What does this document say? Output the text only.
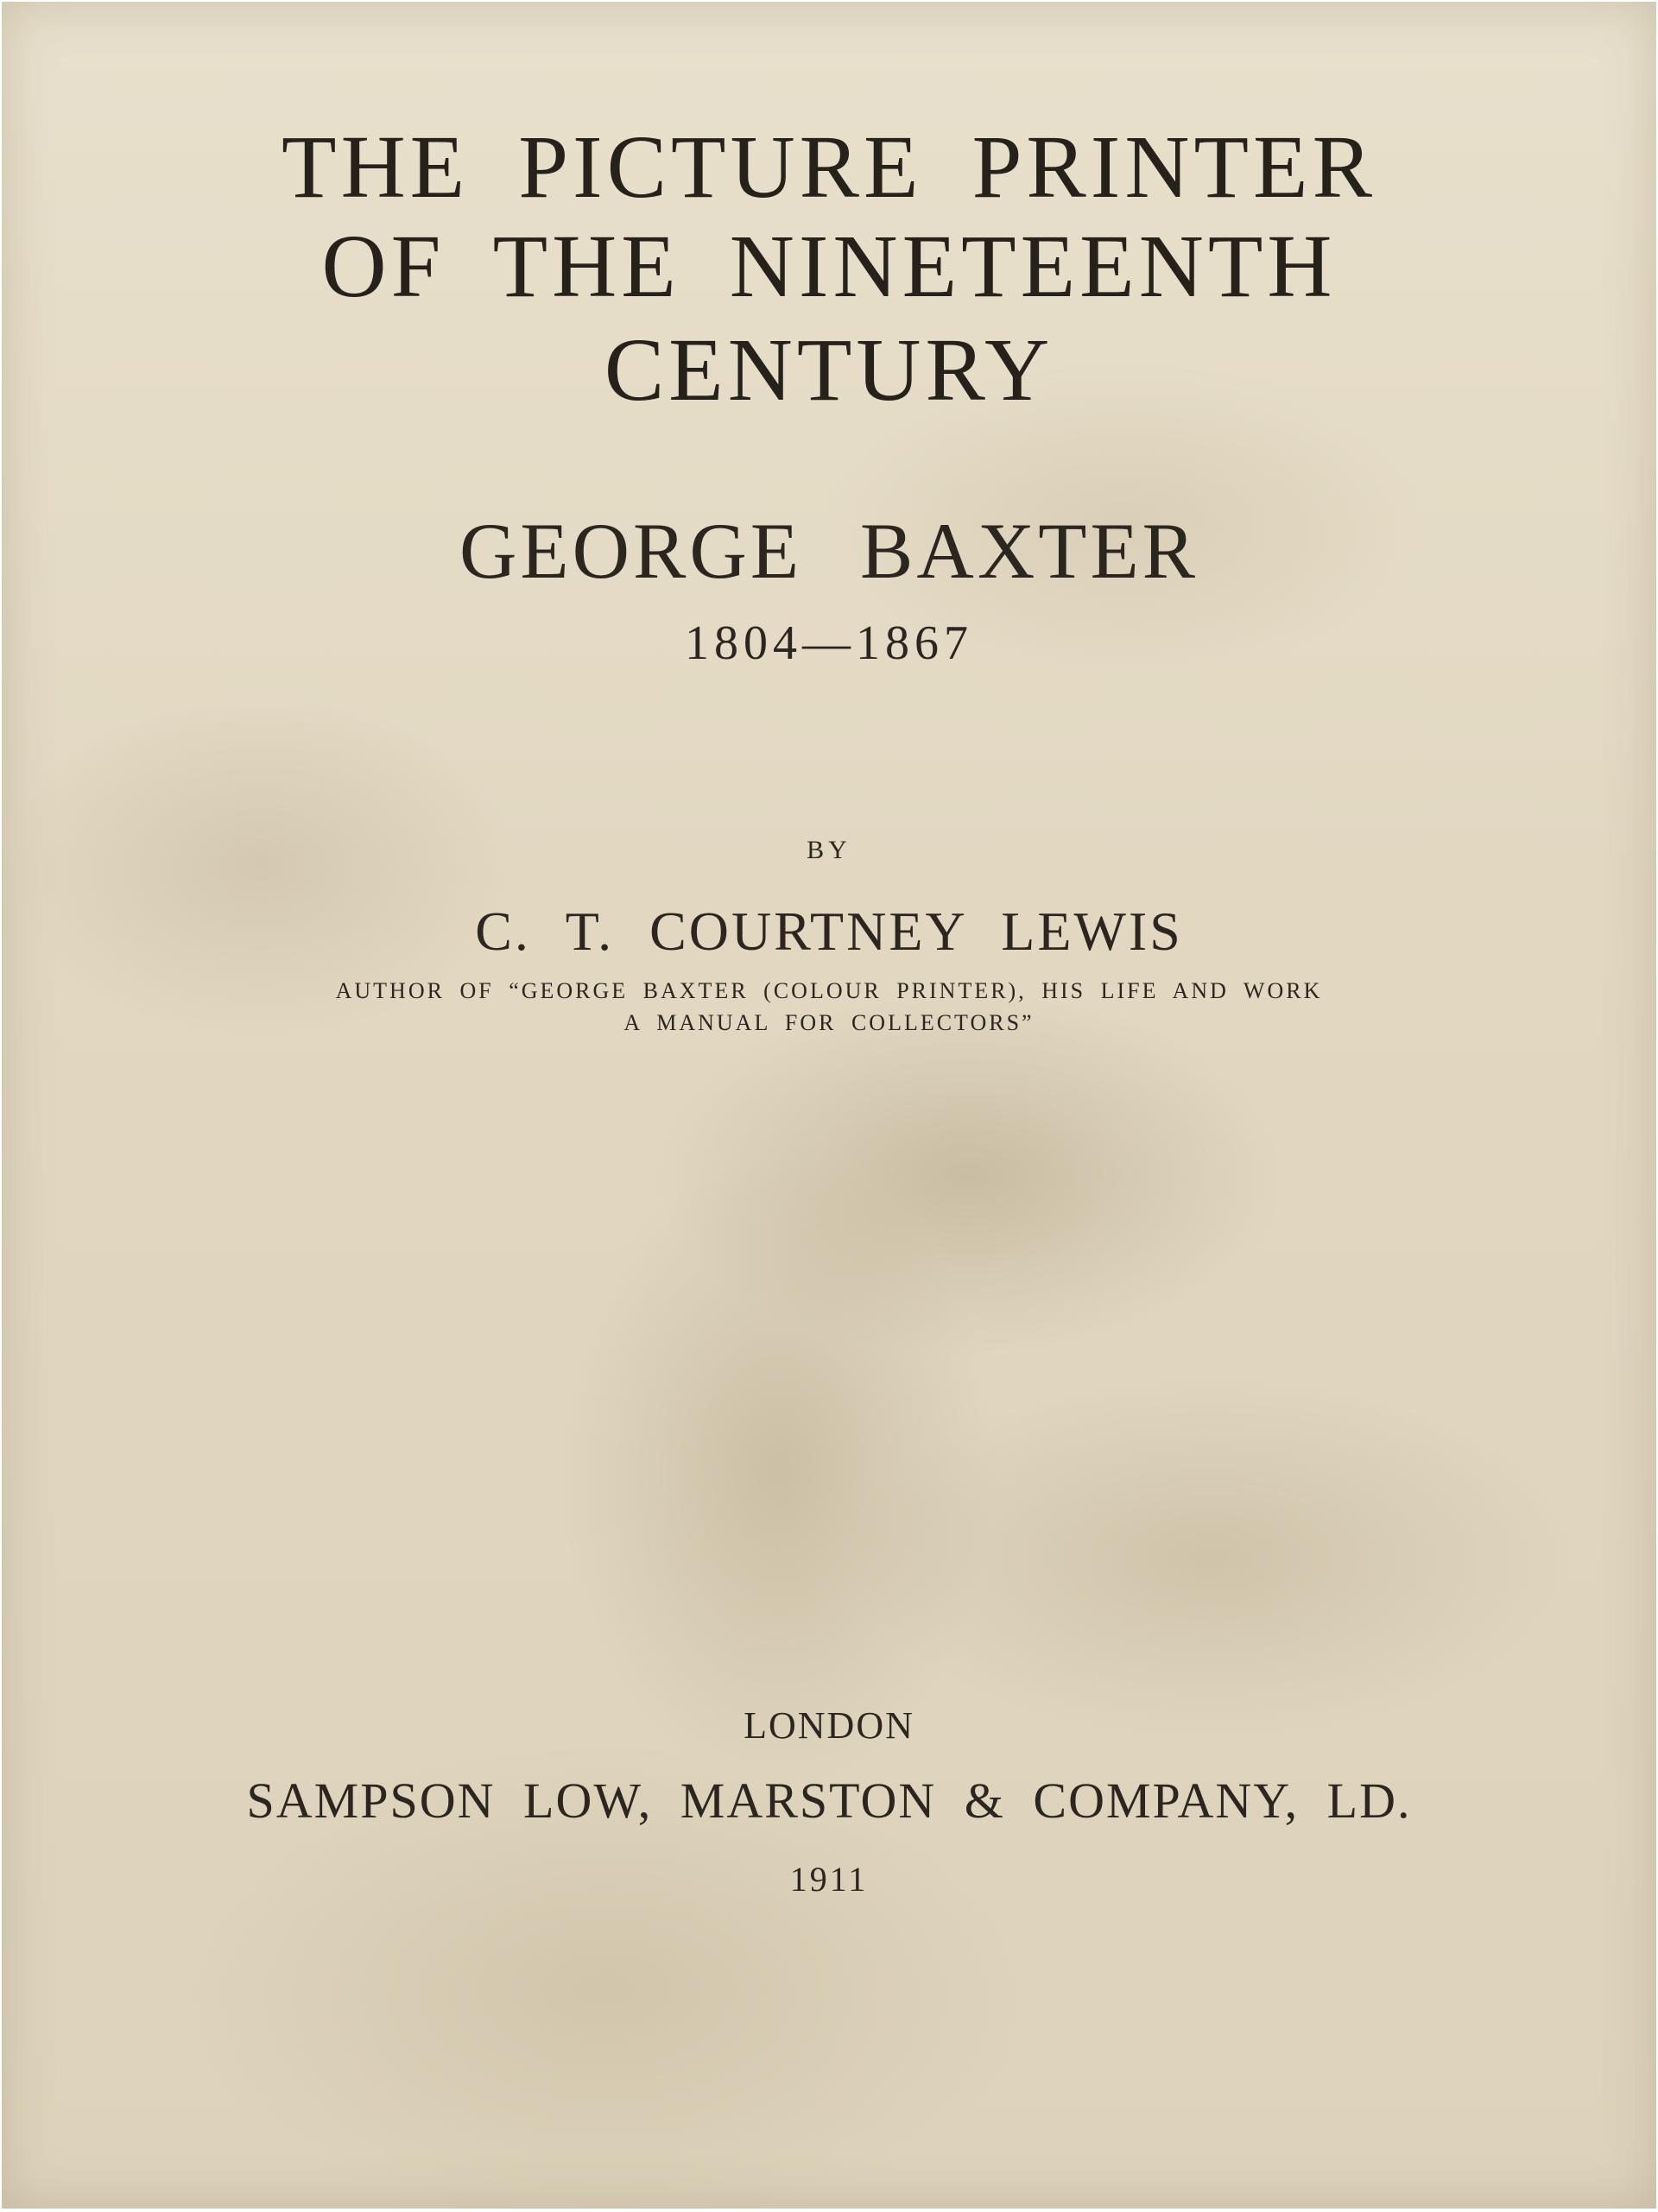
THE PICTURE PRINTER
OF THE NINETEENTH
CENTURY
GEORGE BAXTER
1804—1867
BY
C. T. COURTNEY LEWIS
AUTHOR OF “GEORGE BAXTER (COLOUR PRINTER), HIS LIFE AND WORK
A MANUAL FOR COLLECTORS”
LONDON
SAMPSON LOW, MARSTON & COMPANY, LD.
1911
